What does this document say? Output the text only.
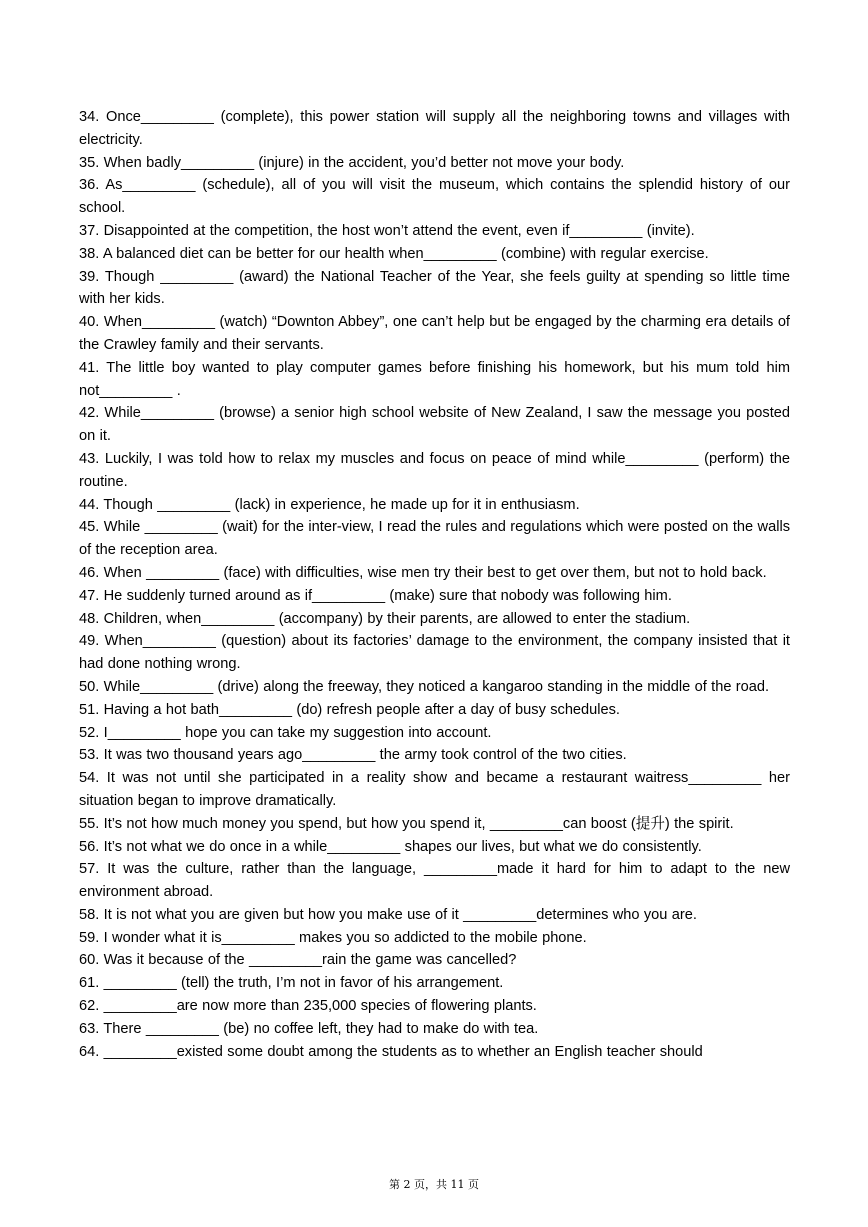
34. Once_________ (complete), this power station will supply all the neighboring towns and villages with electricity.

35. When badly_________ (injure) in the accident, you’d better not move your body.

36. As_________ (schedule), all of you will visit the museum, which contains the splendid history of our school.

37. Disappointed at the competition, the host won’t attend the event, even if_________ (invite).

38. A balanced diet can be better for our health when_________ (combine) with regular exercise.

39. Though _________ (award) the National Teacher of the Year, she feels guilty at spending so little time with her kids.

40. When_________ (watch) “Downton Abbey”, one can’t help but be engaged by the charming era details of the Crawley family and their servants.

41. The little boy wanted to play computer games before finishing his homework, but his mum told him not_________ .

42. While_________ (browse) a senior high school website of New Zealand, I saw the message you posted on it.

43. Luckily, I was told how to relax my muscles and focus on peace of mind while_________ (perform) the routine.

44. Though _________ (lack) in experience, he made up for it in enthusiasm.

45. While _________ (wait) for the inter-view, I read the rules and regulations which were posted on the walls of the reception area.

46. When _________ (face) with difficulties, wise men try their best to get over them, but not to hold back.

47. He suddenly turned around as if_________ (make) sure that nobody was following him.

48. Children, when_________ (accompany) by their parents, are allowed to enter the stadium.

49. When_________ (question) about its factories’ damage to the environment, the company insisted that it had done nothing wrong.

50. While_________ (drive) along the freeway, they noticed a kangaroo standing in the middle of the road.

51. Having a hot bath_________ (do) refresh people after a day of busy schedules.

52. I_________ hope you can take my suggestion into account.

53. It was two thousand years ago_________ the army took control of the two cities.

54. It was not until she participated in a reality show and became a restaurant waitress_________ her situation began to improve dramatically.

55. It’s not how much money you spend, but how you spend it, _________can boost (提升) the spirit.

56. It’s not what we do once in a while_________ shapes our lives, but what we do consistently.

57. It was the culture, rather than the language, _________made it hard for him to adapt to the new environment abroad.

58. It is not what you are given but how you make use of it _________determines who you are.

59. I wonder what it is_________ makes you so addicted to the mobile phone.

60. Was it because of the _________rain the game was cancelled?

61. _________ (tell) the truth, I’m not in favor of his arrangement.

62. _________are now more than 235,000 species of flowering plants.

63. There _________ (be) no coffee left, they had to make do with tea.

64. _________existed some doubt among the students as to whether an English teacher should

第 2 页，共 11 页
